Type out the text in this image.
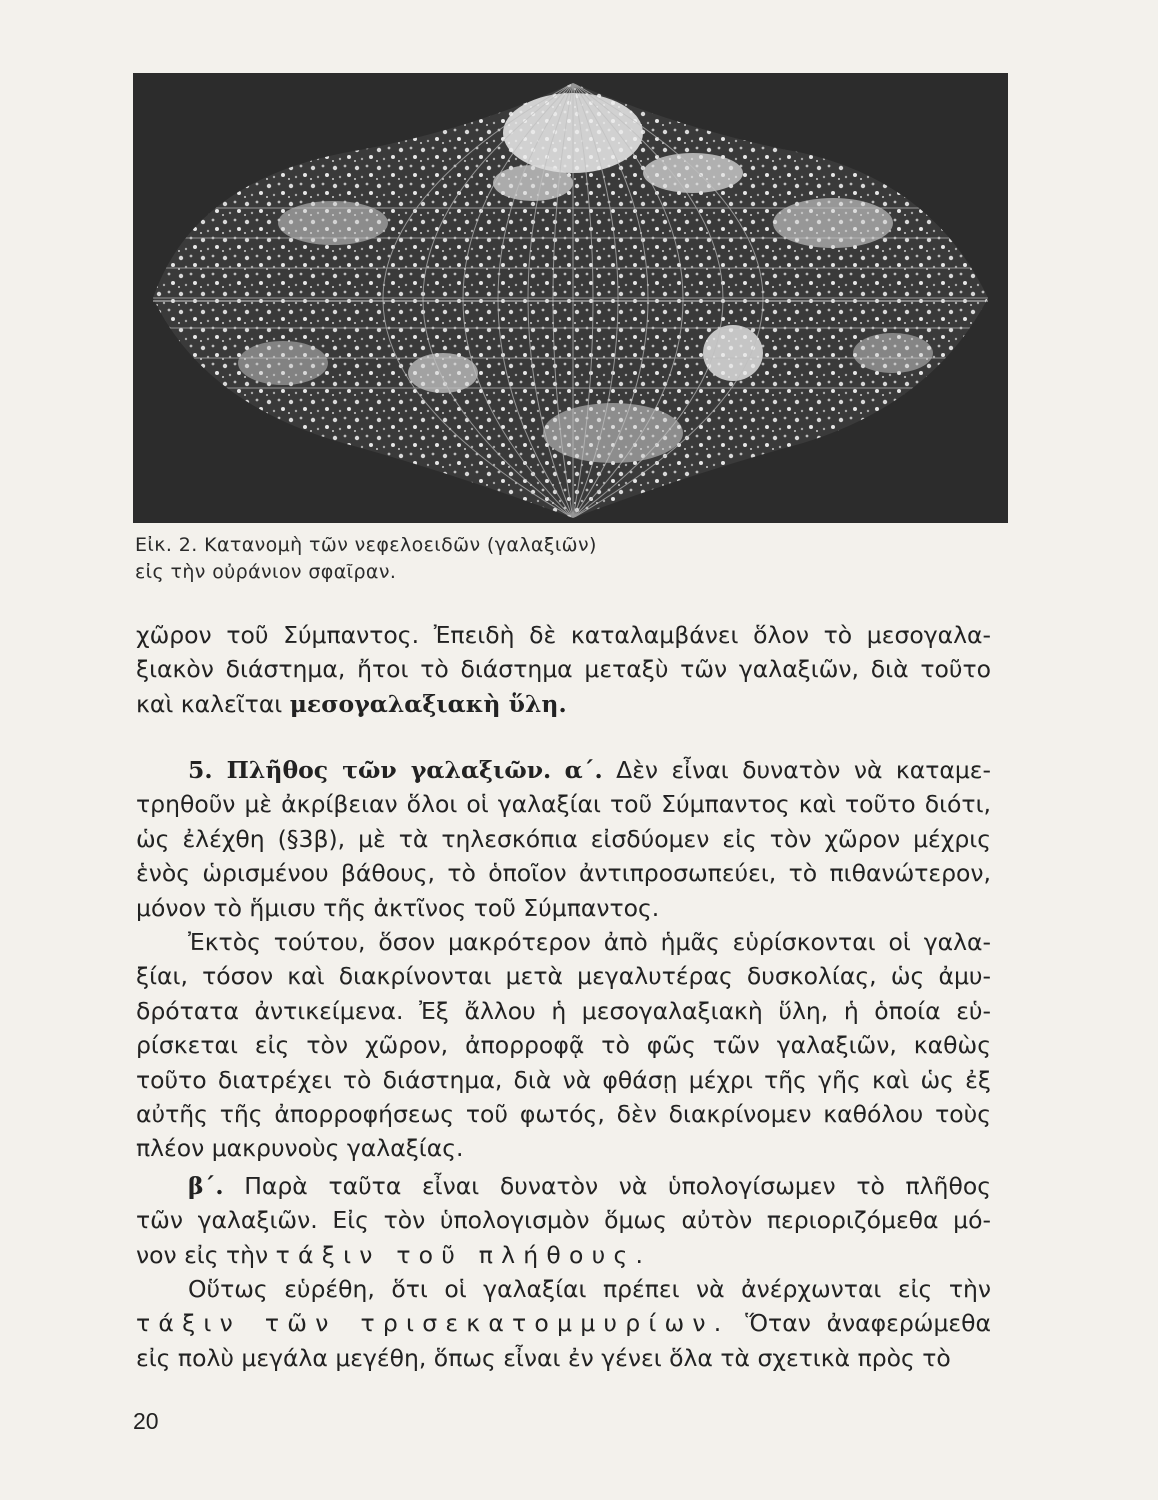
Εἰκ. 2. Κατανομὴ τῶν νεφελοειδῶν (γαλαξιῶν)
εἰς τὴν οὐράνιον σφαῖραν.
χῶρον τοῦ Σύμπαντος. Ἐπειδὴ δὲ καταλαμβάνει ὅλον τὸ μεσογαλα-
ξιακὸν διάστημα, ἤτοι τὸ διάστημα μεταξὺ τῶν γαλαξιῶν, διὰ τοῦτο
καὶ καλεῖται μεσογαλαξιακὴ ὕλη.
5. Πλῆθος τῶν γαλαξιῶν. α΄. Δὲν εἶναι δυνατὸν νὰ καταμε-
τρηθοῦν μὲ ἀκρίβειαν ὅλοι οἱ γαλαξίαι τοῦ Σύμπαντος καὶ τοῦτο διότι,
ὡς ἐλέχθη (§3β), μὲ τὰ τηλεσκόπια εἰσδύομεν εἰς τὸν χῶρον μέχρις
ἑνὸς ὡρισμένου βάθους, τὸ ὁποῖον ἀντιπροσωπεύει, τὸ πιθανώτερον,
μόνον τὸ ἥμισυ τῆς ἀκτῖνος τοῦ Σύμπαντος.
Ἐκτὸς τούτου, ὅσον μακρότερον ἀπὸ ἡμᾶς εὑρίσκονται οἱ γαλα-
ξίαι, τόσον καὶ διακρίνονται μετὰ μεγαλυτέρας δυσκολίας, ὡς ἀμυ-
δρότατα ἀντικείμενα. Ἐξ ἄλλου ἡ μεσογαλαξιακὴ ὕλη, ἡ ὁποία εὑ-
ρίσκεται εἰς τὸν χῶρον, ἀπορροφᾷ τὸ φῶς τῶν γαλαξιῶν, καθὼς
τοῦτο διατρέχει τὸ διάστημα, διὰ νὰ φθάσῃ μέχρι τῆς γῆς καὶ ὡς ἐξ
αὐτῆς τῆς ἀπορροφήσεως τοῦ φωτός, δὲν διακρίνομεν καθόλου τοὺς
πλέον μακρυνοὺς γαλαξίας.
β΄. Παρὰ ταῦτα εἶναι δυνατὸν νὰ ὑπολογίσωμεν τὸ πλῆθος
τῶν γαλαξιῶν. Εἰς τὸν ὑπολογισμὸν ὅμως αὐτὸν περιοριζόμεθα μό-
νον εἰς τὴν τάξιν τοῦ πλήθους.
Οὕτως εὑρέθη, ὅτι οἱ γαλαξίαι πρέπει νὰ ἀνέρχωνται εἰς τὴν
τάξιν τῶν τρισεκατομμυρίων. Ὅταν ἀναφερώμεθα
εἰς πολὺ μεγάλα μεγέθη, ὅπως εἶναι ἐν γένει ὅλα τὰ σχετικὰ πρὸς τὸ
20
